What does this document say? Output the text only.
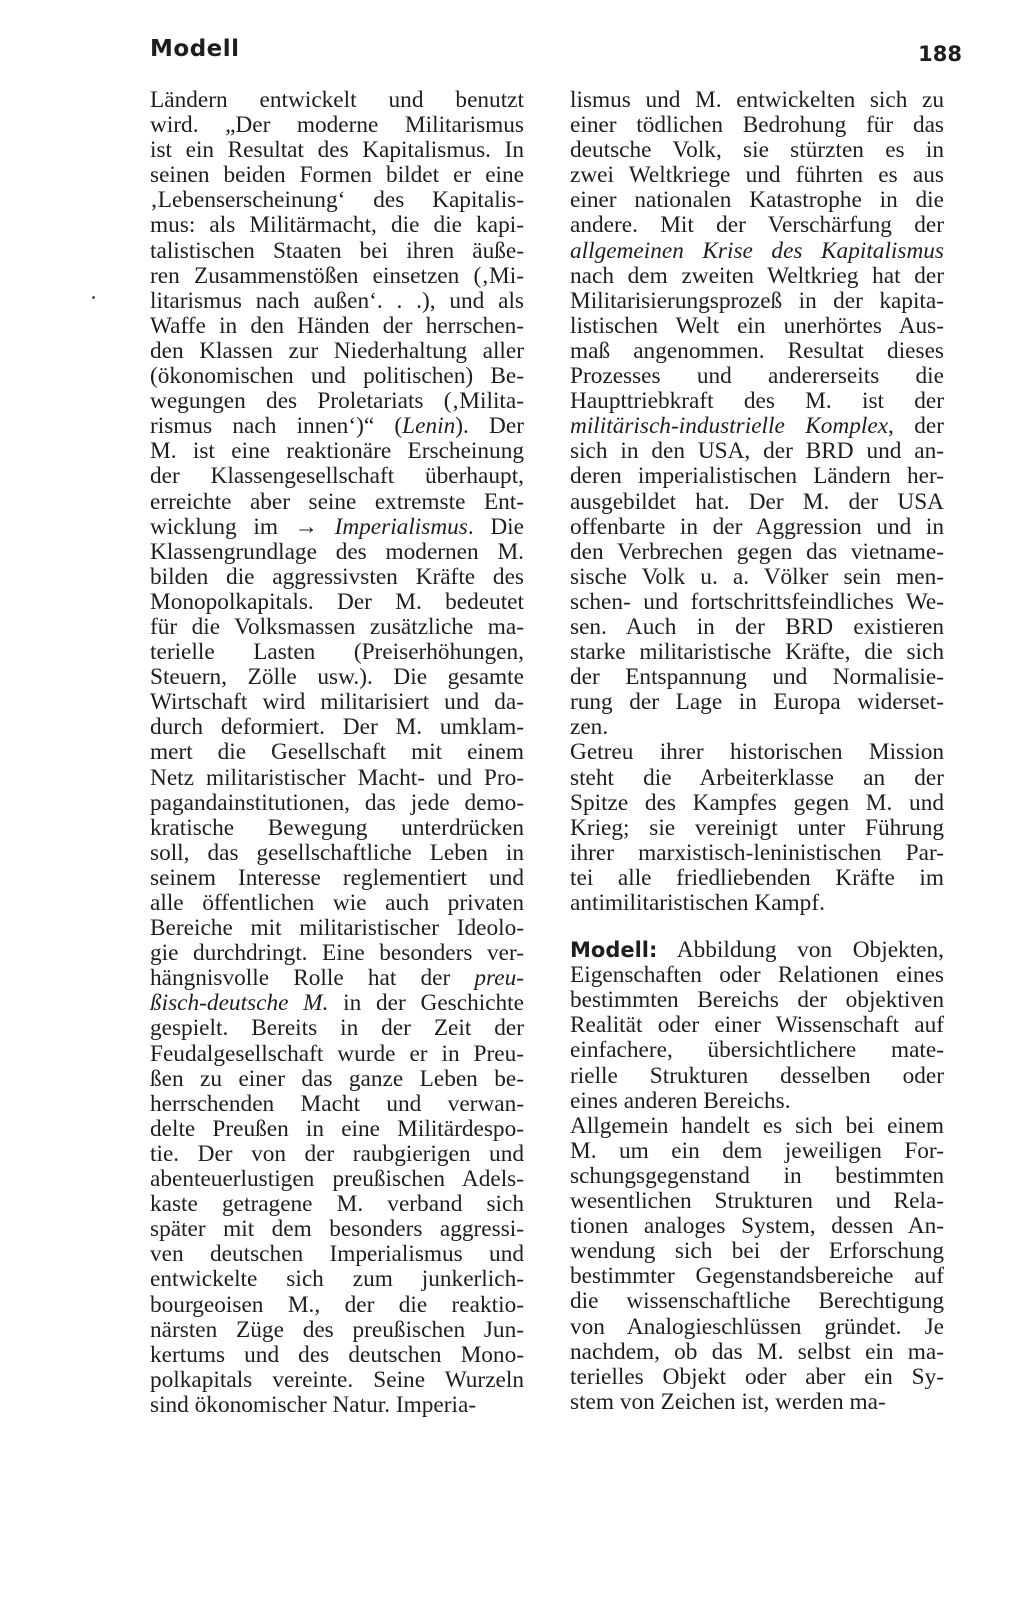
Modell	188
Ländern entwickelt und benutzt
wird. „Der moderne Militarismus
ist ein Resultat des Kapitalismus. In
seinen beiden Formen bildet er eine
‚Lebenserscheinung‘ des Kapitalis-
mus: als Militärmacht, die die kapi-
talistischen Staaten bei ihren äuße-
ren Zusammenstößen einsetzen (‚Mi-
litarismus nach außen‘. . .), und als
Waffe in den Händen der herrschen-
den Klassen zur Niederhaltung aller
(ökonomischen und politischen) Be-
wegungen des Proletariats (‚Milita-
rismus nach innen‘)“ (Lenin). Der
M. ist eine reaktionäre Erscheinung
der Klassengesellschaft überhaupt,
erreichte aber seine extremste Ent-
wicklung im → Imperialismus. Die
Klassengrundlage des modernen M.
bilden die aggressivsten Kräfte des
Monopolkapitals. Der M. bedeutet
für die Volksmassen zusätzliche ma-
terielle Lasten (Preiserhöhungen,
Steuern, Zölle usw.). Die gesamte
Wirtschaft wird militarisiert und da-
durch deformiert. Der M. umklam-
mert die Gesellschaft mit einem
Netz militaristischer Macht- und Pro-
pagandainstitutionen, das jede demo-
kratische Bewegung unterdrücken
soll, das gesellschaftliche Leben in
seinem Interesse reglementiert und
alle öffentlichen wie auch privaten
Bereiche mit militaristischer Ideolo-
gie durchdringt. Eine besonders ver-
hängnisvolle Rolle hat der preu-
ßisch-deutsche M. in der Geschichte
gespielt. Bereits in der Zeit der
Feudalgesellschaft wurde er in Preu-
ßen zu einer das ganze Leben be-
herrschenden Macht und verwan-
delte Preußen in eine Militärdespo-
tie. Der von der raubgierigen und
abenteuerlustigen preußischen Adels-
kaste getragene M. verband sich
später mit dem besonders aggressi-
ven deutschen Imperialismus und
entwickelte sich zum junkerlich-
bourgeoisen M., der die reaktio-
närsten Züge des preußischen Jun-
kertums und des deutschen Mono-
polkapitals vereinte. Seine Wurzeln
sind ökonomischer Natur. Imperia-
lismus und M. entwickelten sich zu
einer tödlichen Bedrohung für das
deutsche Volk, sie stürzten es in
zwei Weltkriege und führten es aus
einer nationalen Katastrophe in die
andere. Mit der Verschärfung der
allgemeinen Krise des Kapitalismus
nach dem zweiten Weltkrieg hat der
Militarisierungsprozeß in der kapita-
listischen Welt ein unerhörtes Aus-
maß angenommen. Resultat dieses
Prozesses und andererseits die
Haupttriebkraft des M. ist der
militärisch-industrielle Komplex, der
sich in den USA, der BRD und an-
deren imperialistischen Ländern her-
ausgebildet hat. Der M. der USA
offenbarte in der Aggression und in
den Verbrechen gegen das vietname-
sische Volk u. a. Völker sein men-
schen- und fortschrittsfeindliches We-
sen. Auch in der BRD existieren
starke militaristische Kräfte, die sich
der Entspannung und Normalisie-
rung der Lage in Europa widerset-
zen.
Getreu ihrer historischen Mission
steht die Arbeiterklasse an der
Spitze des Kampfes gegen M. und
Krieg; sie vereinigt unter Führung
ihrer marxistisch-leninistischen Par-
tei alle friedliebenden Kräfte im
antimilitaristischen Kampf.
Modell: Abbildung von Objekten,
Eigenschaften oder Relationen eines
bestimmten Bereichs der objektiven
Realität oder einer Wissenschaft auf
einfachere, übersichtlichere mate-
rielle Strukturen desselben oder
eines anderen Bereichs.
Allgemein handelt es sich bei einem
M. um ein dem jeweiligen For-
schungsgegenstand in bestimmten
wesentlichen Strukturen und Rela-
tionen analoges System, dessen An-
wendung sich bei der Erforschung
bestimmter Gegenstandsbereiche auf
die wissenschaftliche Berechtigung
von Analogieschlüssen gründet. Je
nachdem, ob das M. selbst ein ma-
terielles Objekt oder aber ein Sy-
stem von Zeichen ist, werden ma-
